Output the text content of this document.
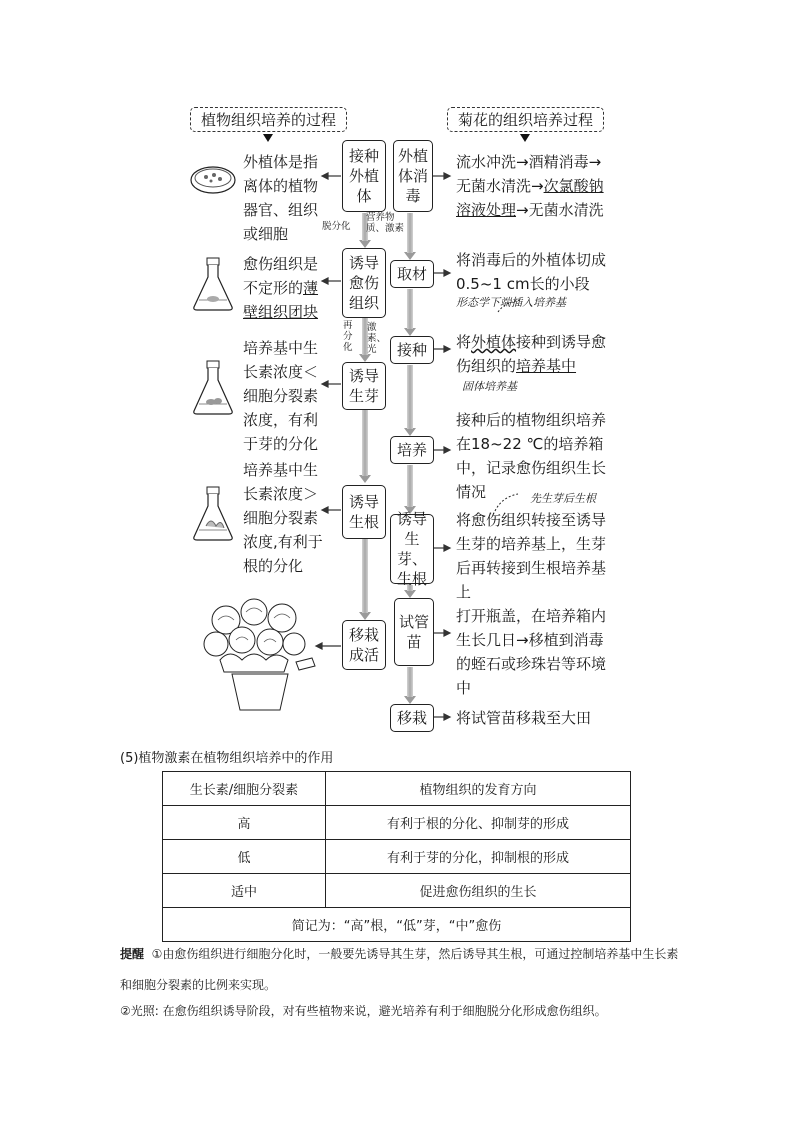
植物组织培养的过程	菊花的组织培养过程
接种外植体
诱导愈伤组织
诱导生芽
诱导生根
移栽成活
外植体消毒
取材
接种
培养
诱导生芽、生根
试管苗
移栽
脱分化
营养物质、激素
再分化
激素、光
外植体是指离体的植物器官、组织或细胞
愈伤组织是不定形的薄壁组织团块
培养基中生长素浓度＜细胞分裂素浓度，有利于芽的分化
培养基中生长素浓度＞细胞分裂素浓度,有利于根的分化
流水冲洗→酒精消毒→无菌水清洗→次氯酸钠溶液处理→无菌水清洗
将消毒后的外植体切成0.5~1 cm长的小段
形态学下端插入培养基
将外植体接种到诱导愈伤组织的培养基中
固体培养基
接种后的植物组织培养在18~22 ℃的培养箱中，记录愈伤组织生长情况	先生芽后生根
将愈伤组织转接至诱导生芽的培养基上，生芽后再转接到生根培养基上
打开瓶盖，在培养箱内生长几日→移植到消毒的蛭石或珍珠岩等环境中
将试管苗移栽至大田
(5)植物激素在植物组织培养中的作用
生长素/细胞分裂素	植物组织的发育方向
高	有利于根的分化、抑制芽的形成
低	有利于芽的分化，抑制根的形成
适中	促进愈伤组织的生长
简记为：“高”根，“低”芽，“中”愈伤	
提醒 ①由愈伤组织进行细胞分化时，一般要先诱导其生芽，然后诱导其生根，可通过控制培养基中生长素和细胞分裂素的比例来实现。
②光照: 在愈伤组织诱导阶段，对有些植物来说，避光培养有利于细胞脱分化形成愈伤组织。
